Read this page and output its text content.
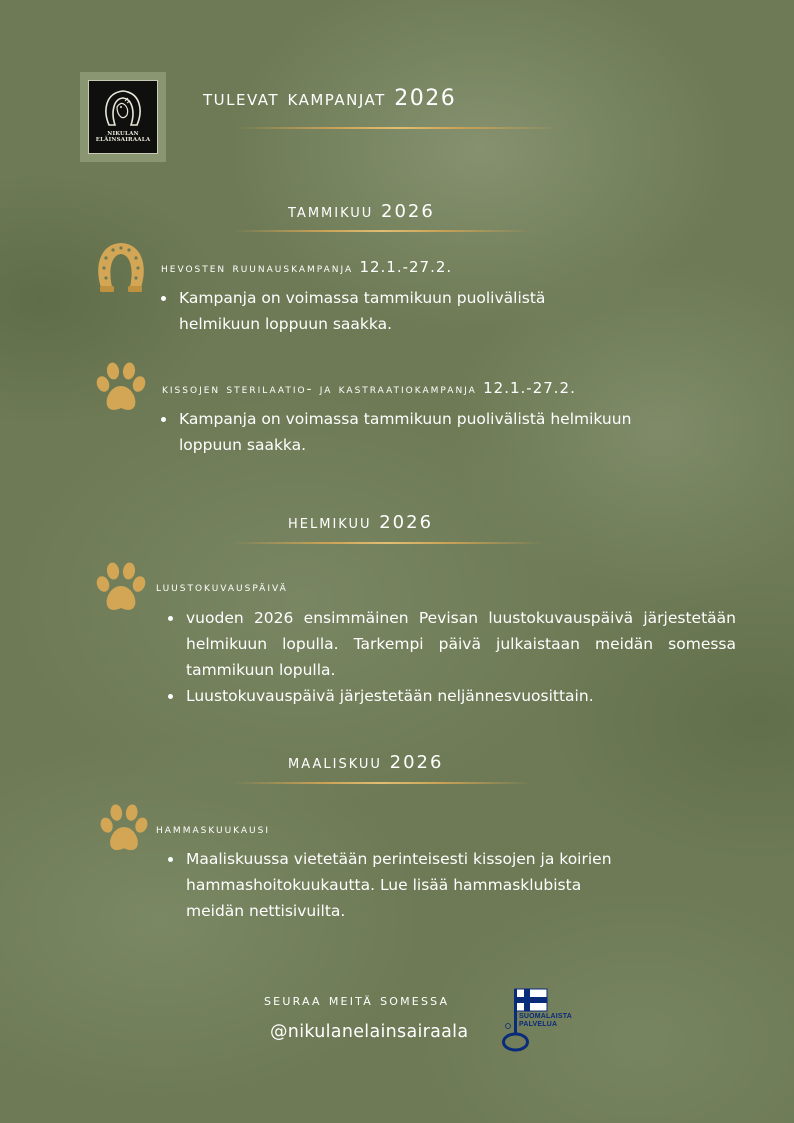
NIKULAN
ELÄINSAIRAALA
tulevat kampanjat 2026
tammikuu 2026
hevosten ruunauskampanja 12.1.-27.2.
Kampanja on voimassa tammikuun puolivälistä helmikuun loppuun saakka.
kissojen sterilaatio- ja kastraatiokampanja 12.1.-27.2.
Kampanja on voimassa tammikuun puolivälistä helmikuun loppuun saakka.
helmikuu 2026
luustokuvauspäivä
vuoden 2026 ensimmäinen Pevisan luustokuvauspäivä järjestetään helmikuun lopulla. Tarkempi päivä julkaistaan meidän somessa tammikuun lopulla.
Luustokuvauspäivä järjestetään neljännesvuosittain.
maaliskuu 2026
hammaskuukausi
Maaliskuussa vietetään perinteisesti kissojen ja koirien hammashoitokuukautta. Lue lisää hammasklubista meidän nettisivuilta.
seuraa meitä somessa
@nikulanelainsairaala
SUOMALAISTA
PALVELUA
